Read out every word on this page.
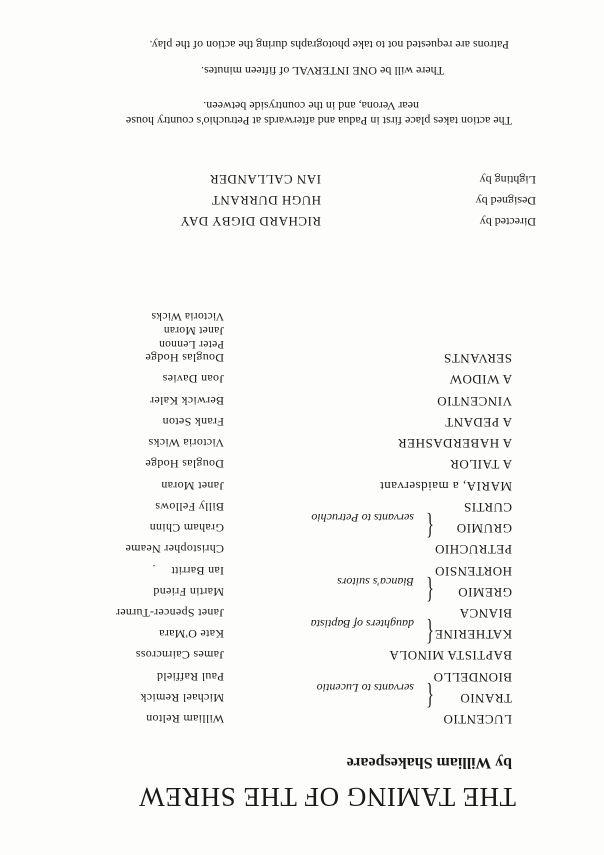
THE TAMING OF THE SHREW
by William Shakespeare
LUCENTIO
TRANIO
BIONDELLO
BAPTISTA MINOLA
KATHERINE
BIANCA
GREMIO
HORTENSIO
PETRUCHIO
GRUMIO
CURTIS
MARIA, a maidservant
A TAILOR
A HABERDASHER
A PEDANT
VINCENTIO
A WIDOW
SERVANTS
{
servants to Lucentio
{
daughters of Baptista
{
Bianca's suitors
{
servants to Petruchio
William Relton
Michael Remick
Paul Raffield
James Cairncross
Kate O'Mara
Janet Spencer-Turner
Martin Friend
Ian Barritt
·
Christopher Neame
Graham Chinn
Billy Fellows
Janet Moran
Douglas Hodge
Victoria Wicks
Frank Seton
Berwick Kaler
Joan Davies
Douglas Hodge
Peter Lennon
Janet Moran
Victoria Wicks
Directed by
RICHARD DIGBY DAY
Designed by
HUGH DURRANT
Lighting by
IAN CALLANDER
The action takes place first in Padua and afterwards at Petruchio's country house
near Verona, and in the countryside between.
There will be ONE INTERVAL of fifteen minutes.
Patrons are requested not to take photographs during the action of the play.
